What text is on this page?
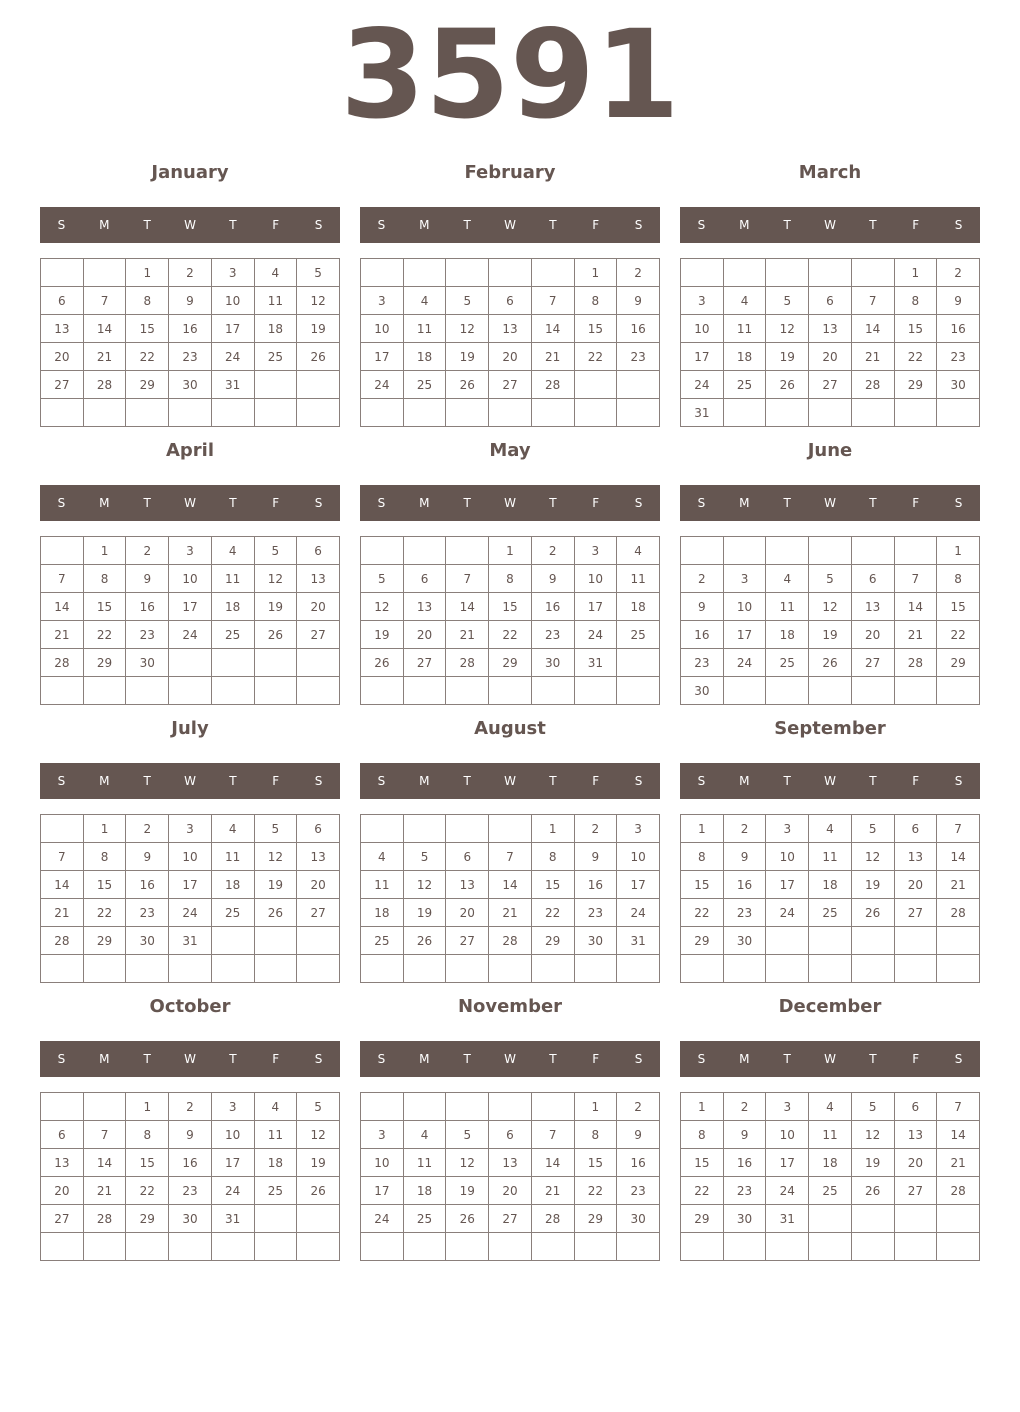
3591
January
S	M	T	W	T	F	S
		1	2	3	4	5
6	7	8	9	10	11	12
13	14	15	16	17	18	19
20	21	22	23	24	25	26
27	28	29	30	31		

February
S	M	T	W	T	F	S
					1	2
3	4	5	6	7	8	9
10	11	12	13	14	15	16
17	18	19	20	21	22	23
24	25	26	27	28		

March
S	M	T	W	T	F	S
					1	2
3	4	5	6	7	8	9
10	11	12	13	14	15	16
17	18	19	20	21	22	23
24	25	26	27	28	29	30
31						
April
S	M	T	W	T	F	S
	1	2	3	4	5	6
7	8	9	10	11	12	13
14	15	16	17	18	19	20
21	22	23	24	25	26	27
28	29	30				

May
S	M	T	W	T	F	S
			1	2	3	4
5	6	7	8	9	10	11
12	13	14	15	16	17	18
19	20	21	22	23	24	25
26	27	28	29	30	31	

June
S	M	T	W	T	F	S
						1
2	3	4	5	6	7	8
9	10	11	12	13	14	15
16	17	18	19	20	21	22
23	24	25	26	27	28	29
30						
July
S	M	T	W	T	F	S
	1	2	3	4	5	6
7	8	9	10	11	12	13
14	15	16	17	18	19	20
21	22	23	24	25	26	27
28	29	30	31			

August
S	M	T	W	T	F	S
				1	2	3
4	5	6	7	8	9	10
11	12	13	14	15	16	17
18	19	20	21	22	23	24
25	26	27	28	29	30	31

September
S	M	T	W	T	F	S
1	2	3	4	5	6	7
8	9	10	11	12	13	14
15	16	17	18	19	20	21
22	23	24	25	26	27	28
29	30					

October
S	M	T	W	T	F	S
		1	2	3	4	5
6	7	8	9	10	11	12
13	14	15	16	17	18	19
20	21	22	23	24	25	26
27	28	29	30	31		

November
S	M	T	W	T	F	S
					1	2
3	4	5	6	7	8	9
10	11	12	13	14	15	16
17	18	19	20	21	22	23
24	25	26	27	28	29	30

December
S	M	T	W	T	F	S
1	2	3	4	5	6	7
8	9	10	11	12	13	14
15	16	17	18	19	20	21
22	23	24	25	26	27	28
29	30	31				
